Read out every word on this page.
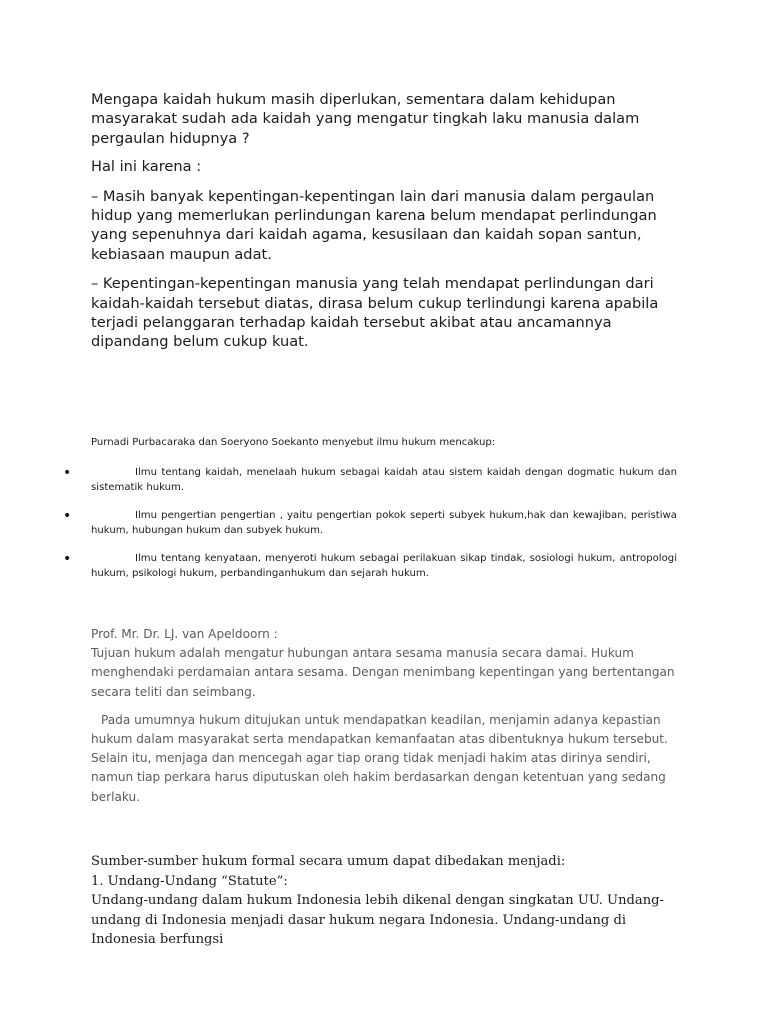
Mengapa kaidah hukum masih diperlukan, sementara dalam kehidupan masyarakat sudah ada kaidah yang mengatur tingkah laku manusia dalam pergaulan hidupnya ?

Hal ini karena :

– Masih banyak kepentingan-kepentingan lain dari manusia dalam pergaulan hidup yang memerlukan perlindungan karena belum mendapat perlindungan yang sepenuhnya dari kaidah agama, kesusilaan dan kaidah sopan santun, kebiasaan maupun adat.

– Kepentingan-kepentingan manusia yang telah mendapat perlindungan dari kaidah-kaidah tersebut diatas, dirasa belum cukup terlindungi karena apabila terjadi pelanggaran terhadap kaidah tersebut akibat atau ancamannya dipandang belum cukup kuat.

Purnadi Purbacaraka dan Soeryono Soekanto menyebut ilmu hukum mencakup:

•	Ilmu tentang kaidah, menelaah hukum sebagai kaidah atau sistem kaidah dengan dogmatic hukum dan sistematik hukum.
•	Ilmu pengertian pengertian , yaitu pengertian pokok seperti subyek hukum,hak dan kewajiban, peristiwa hukum, hubungan hukum dan subyek hukum.
•	Ilmu tentang kenyataan, menyeroti hukum sebagai perilakuan sikap tindak, sosiologi hukum, antropologi hukum, psikologi hukum, perbandinganhukum dan sejarah hukum.

Prof. Mr. Dr. LJ. van Apeldoorn :

Tujuan hukum adalah mengatur hubungan antara sesama manusia secara damai. Hukum menghendaki perdamaian antara sesama. Dengan menimbang kepentingan yang bertentangan secara teliti dan seimbang.

Pada umumnya hukum ditujukan untuk mendapatkan keadilan, menjamin adanya kepastian hukum dalam masyarakat serta mendapatkan kemanfaatan atas dibentuknya hukum tersebut. Selain itu, menjaga dan mencegah agar tiap orang tidak menjadi hakim atas dirinya sendiri, namun tiap perkara harus diputuskan oleh hakim berdasarkan dengan ketentuan yang sedang berlaku.

Sumber-sumber hukum formal secara umum dapat dibedakan menjadi:

1. Undang-Undang “Statute”:

Undang-undang dalam hukum Indonesia lebih dikenal dengan singkatan UU. Undang-undang di Indonesia menjadi dasar hukum negara Indonesia. Undang-undang di Indonesia berfungsi
